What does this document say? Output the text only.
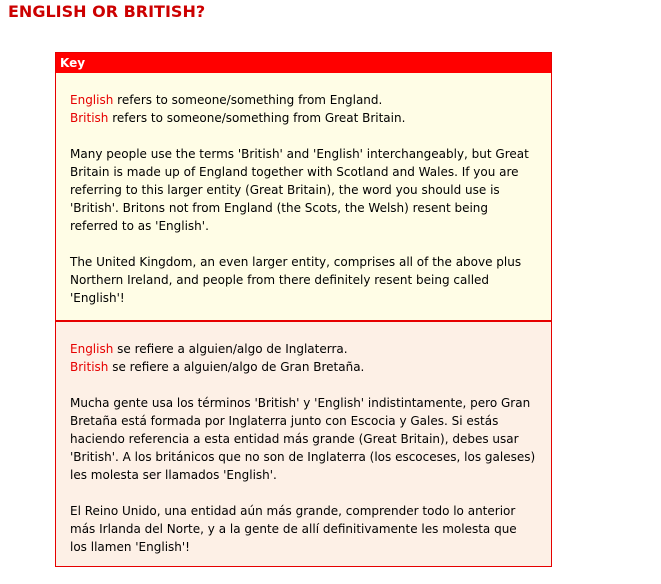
ENGLISH OR BRITISH?
Key

English refers to someone/something from England.
British refers to someone/something from Great Britain.

Many people use the terms 'British' and 'English' interchangeably, but Great Britain is made up of England together with Scotland and Wales. If you are referring to this larger entity (Great Britain), the word you should use is 'British'. Britons not from England (the Scots, the Welsh) resent being referred to as 'English'.

The United Kingdom, an even larger entity, comprises all of the above plus Northern Ireland, and people from there definitely resent being called 'English'!

English se refiere a alguien/algo de Inglaterra.
British se refiere a alguien/algo de Gran Bretaña.

Mucha gente usa los términos 'British' y 'English' indistintamente, pero Gran Bretaña está formada por Inglaterra junto con Escocia y Gales. Si estás haciendo referencia a esta entidad más grande (Great Britain), debes usar 'British'. A los británicos que no son de Inglaterra (los escoceses, los galeses) les molesta ser llamados 'English'.

El Reino Unido, una entidad aún más grande, comprender todo lo anterior más Irlanda del Norte, y a la gente de allí definitivamente les molesta que los llamen 'English'!
